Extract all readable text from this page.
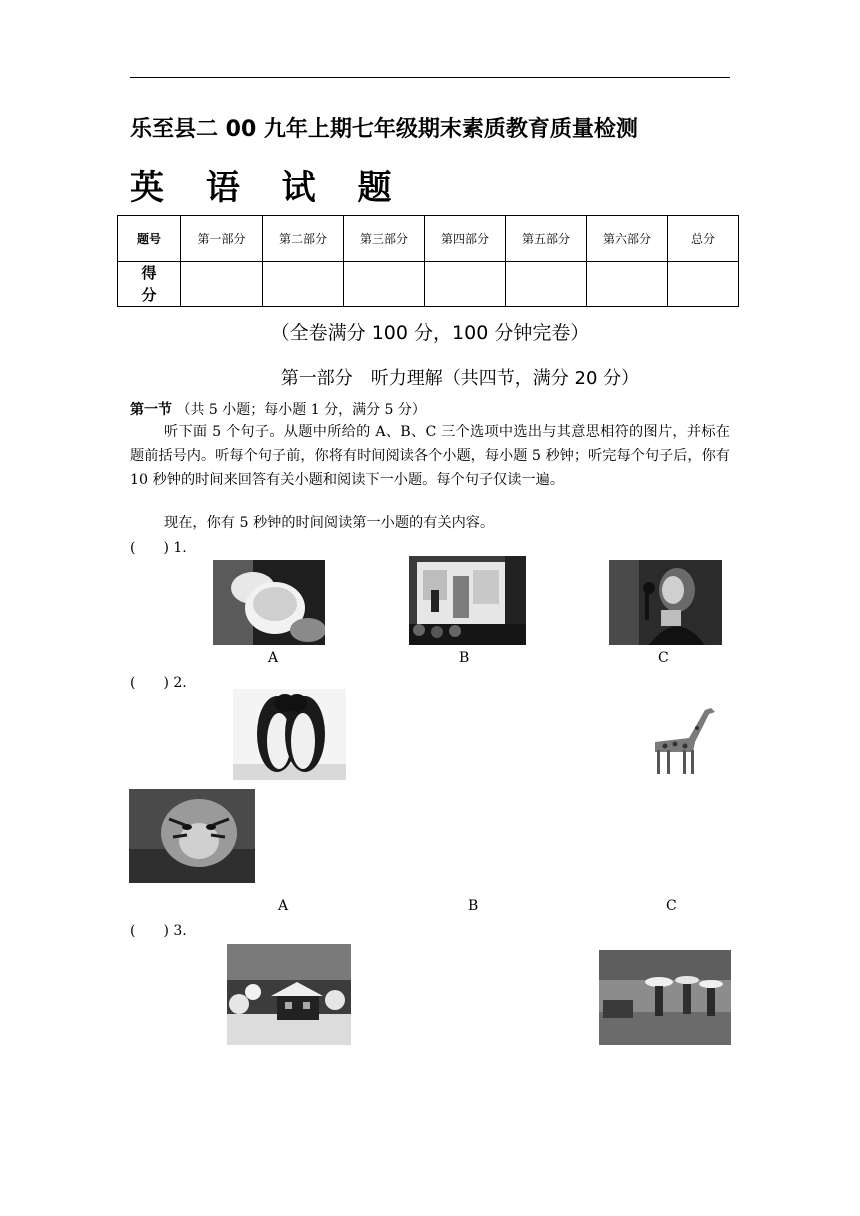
乐至县二 00 九年上期七年级期末素质教育质量检测
英 语 试 题
题号	第一部分	第二部分	第三部分	第四部分	第五部分	第六部分	总分
得分							
（全卷满分 100 分，100 分钟完卷）
第一部分　听力理解（共四节，满分 20 分）
第一节 （共 5 小题；每小题 1 分，满分 5 分）
听下面 5 个句子。从题中所给的 A、B、C 三个选项中选出与其意思相符的图片，并标在题前括号内。听每个句子前，你将有时间阅读各个小题，每小题 5 秒钟；听完每个句子后，你有 10 秒钟的时间来回答有关小题和阅读下一小题。每个句子仅读一遍。
现在，你有 5 秒钟的时间阅读第一小题的有关内容。
(　　) 1.
A	B	C
(　　) 2.
A	B	C
(　　) 3.
